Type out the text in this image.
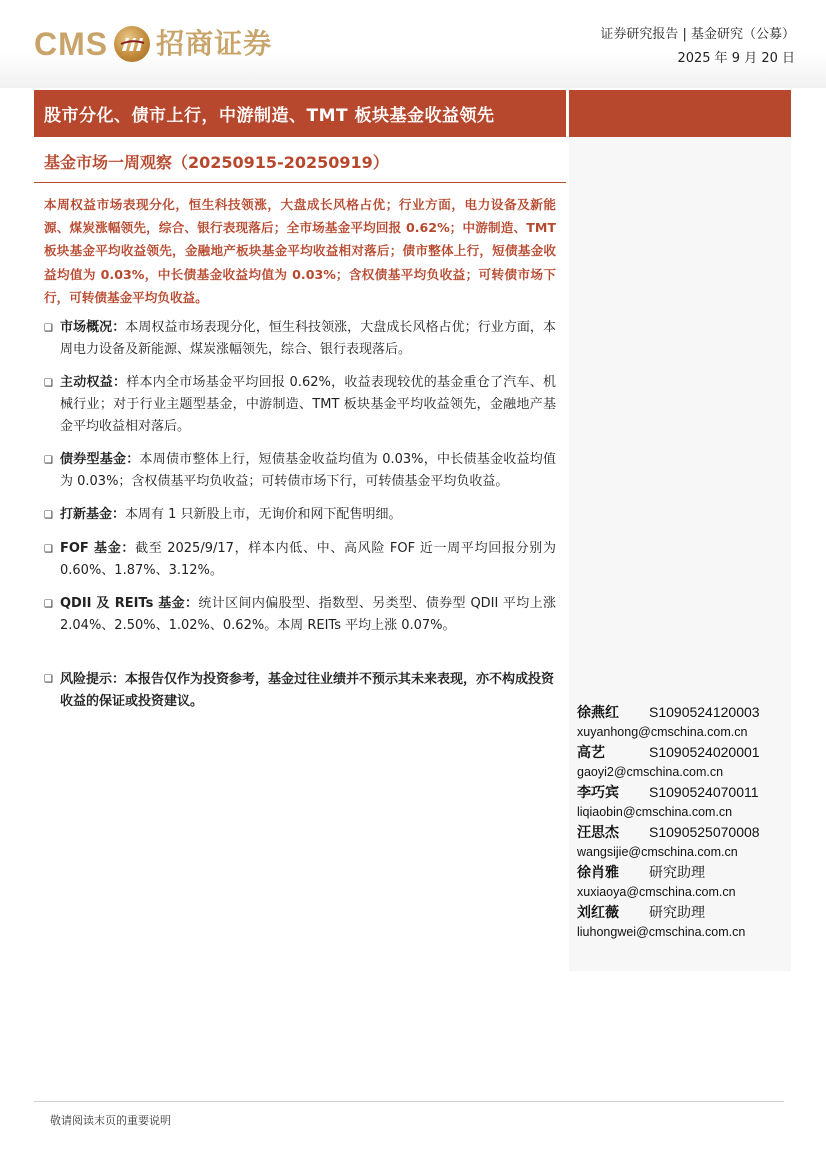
CMS 招商证券	证券研究报告 | 基金研究（公募）
2025 年 9 月 20 日
股市分化、债市上行，中游制造、TMT 板块基金收益领先
基金市场一周观察（20250915-20250919）
本周权益市场表现分化，恒生科技领涨，大盘成长风格占优；行业方面，电力设备及新能源、煤炭涨幅领先，综合、银行表现落后；全市场基金平均回报 0.62%；中游制造、TMT 板块基金平均收益领先，金融地产板块基金平均收益相对落后；债市整体上行，短债基金收益均值为 0.03%，中长债基金收益均值为 0.03%；含权债基平均负收益；可转债市场下行，可转债基金平均负收益。
❑ 市场概况：本周权益市场表现分化，恒生科技领涨，大盘成长风格占优；行业方面，本周电力设备及新能源、煤炭涨幅领先，综合、银行表现落后。
❑ 主动权益：样本内全市场基金平均回报 0.62%，收益表现较优的基金重仓了汽车、机械行业；对于行业主题型基金，中游制造、TMT 板块基金平均收益领先，金融地产基金平均收益相对落后。
❑ 债券型基金：本周债市整体上行，短债基金收益均值为 0.03%，中长债基金收益均值为 0.03%；含权债基平均负收益；可转债市场下行，可转债基金平均负收益。
❑ 打新基金：本周有 1 只新股上市，无询价和网下配售明细。
❑ FOF 基金：截至 2025/9/17，样本内低、中、高风险 FOF 近一周平均回报分别为 0.60%、1.87%、3.12%。
❑ QDII 及 REITs 基金：统计区间内偏股型、指数型、另类型、债券型 QDII 平均上涨 2.04%、2.50%、1.02%、0.62%。本周 REITs 平均上涨 0.07%。
❑ 风险提示：本报告仅作为投资参考，基金过往业绩并不预示其未来表现，亦不构成投资收益的保证或投资建议。
徐燕红	S1090524120003
xuyanhong@cmschina.com.cn
高艺	S1090524020001
gaoyi2@cmschina.com.cn
李巧宾	S1090524070011
liqiaobin@cmschina.com.cn
汪思杰	S1090525070008
wangsijie@cmschina.com.cn
徐肖雅	研究助理
xuxiaoya@cmschina.com.cn
刘红薇	研究助理
liuhongwei@cmschina.com.cn
敬请阅读末页的重要说明
